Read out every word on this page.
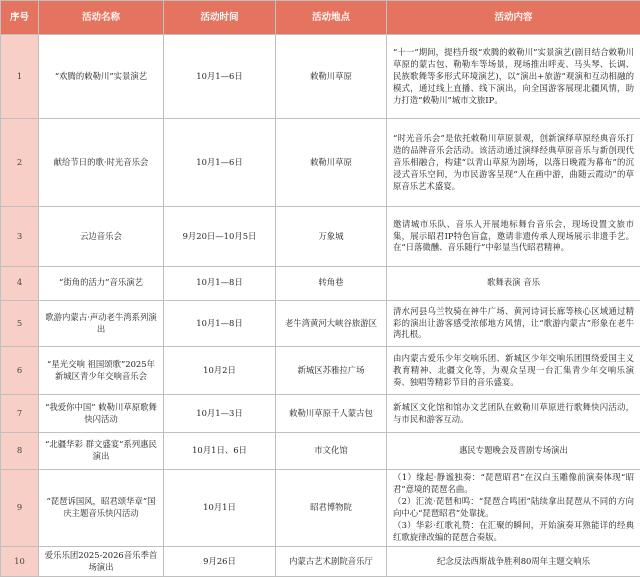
序号	活动名称	活动时间	活动地点	活动内容
1	“欢腾的敕勒川”实景演艺	10月1—6日	敕勒川草原	“十一”期间，提档升级“欢腾的敕勒川”实景演艺(剧目结合敕勒川草原的蒙古包、勒勒车等场景，现场推出呼麦、马头琴、长调、民族歌舞等多形式环境演艺)，以“演出+旅游”观演和互动相融的模式，通过线上直播、线下演出，向全国游客展现北疆风情，助力打造“敕勒川”城市文旅IP。
2	献给节日的歌·时光音乐会	10月1—6日	敕勒川草原	“时光音乐会”是依托敕勒川草原景观，创新演绎草原经典音乐打造的品牌音乐会活动。该活动通过演绎经典草原音乐与新创现代音乐相融合，构建“以青山草原为剧场，以落日晚霞为幕布”的沉浸式音乐空间，为市民游客呈现“人在画中游，曲随云霞动”的草原音乐艺术盛宴。
3	云边音乐会	9月20日—10月5日	万象城	邀请城市乐队、音乐人开展地标舞台音乐会，现场设置文旅市集，展示昭君IP特色盲盒，邀请非遗传承人现场展示非遗手艺。在“日落微醺、音乐随行”中彰显当代昭君精神。
4	“街角的活力”音乐演艺	10月1—8日	转角巷	歌舞表演 音乐
5	歌游内蒙古·声动老牛湾系列演出	10月1—8日	老牛湾黄河大峡谷旅游区	清水河县乌兰牧骑在神牛广场、黄河诗词长廊等核心区域通过精彩的演出让游客感受浓郁地方风情，让“歌游内蒙古”形象在老牛湾扎根。
6	“星光交响 祖国颂歌”2025年新城区青少年交响音乐会	10月2日	新城区苏雅拉广场	由内蒙古爱乐少年交响乐团、新城区少年交响乐团围绕爱国主义教育精神、北疆文化等，为观众呈现一台汇集青少年交响乐演奏、独唱等精彩节目的音乐盛宴。
7	“我爱你中国” 敕勒川草原歌舞快闪活动	10月1—3日	敕勒川草原千人蒙古包	新城区文化馆和馆办文艺团队在敕勒川草原进行歌舞快闪活动，与市民和游客互动。
8	“北疆华彩 群文盛宴”系列惠民演出	10月1日、6日	市文化馆	惠民专题晚会及晋剧专场演出
9	“琵琶诉国风，昭君颂华章”国庆主题音乐快闪活动	10月1日	昭君博物院	（1）缘起·静谧独奏：“琵琶昭君”在汉白玉雕像前演奏体现“昭君”意境的琵琶名曲。
（2）汇流·琵琶和鸣：“琵琶合鸣团”陆续拿出琵琶从不同的方向向中心“琵琶昭君”处靠拢。
（3）华彩·红歌礼赞：在汇聚的瞬间，开始演奏耳熟能详的经典红歌旋律改编的琵琶合奏版。

10	爱乐乐团2025-2026音乐季首场演出	9月26日	内蒙古艺术剧院音乐厅	纪念反法西斯战争胜利80周年主题交响乐
